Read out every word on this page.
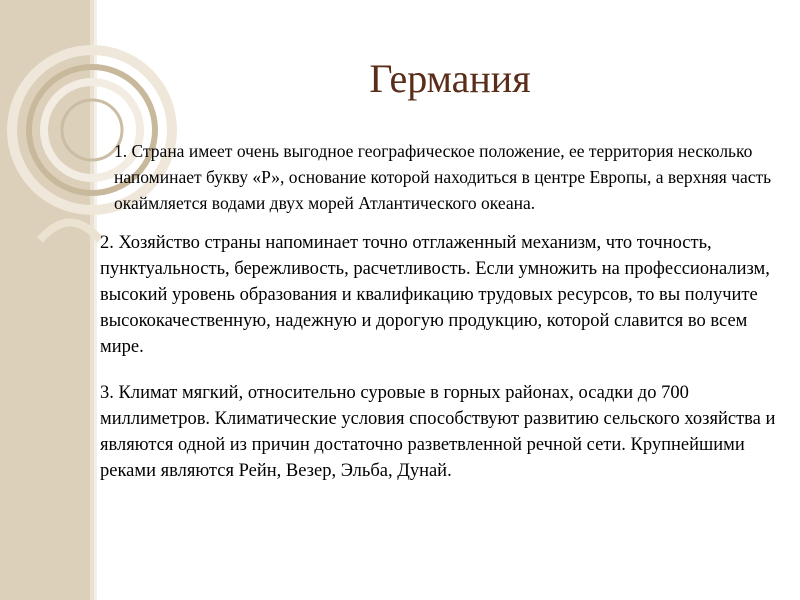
Германия

1. Страна имеет очень выгодное географическое положение, ее территория несколько напоминает букву «Р», основание которой находиться в центре Европы, а верхняя часть окаймляется водами двух морей Атлантического океана.

2. Хозяйство страны напоминает точно отглаженный механизм, что точность, пунктуальность, бережливость, расчетливость. Если умножить на профессионализм, высокий уровень образования и квалификацию трудовых ресурсов, то вы получите высококачественную, надежную и дорогую продукцию, которой славится во всем мире.

3. Климат мягкий, относительно суровые в горных районах, осадки до 700 миллиметров. Климатические условия способствуют развитию сельского хозяйства и являются одной из причин достаточно разветвленной речной сети. Крупнейшими реками являются Рейн, Везер, Эльба, Дунай.
